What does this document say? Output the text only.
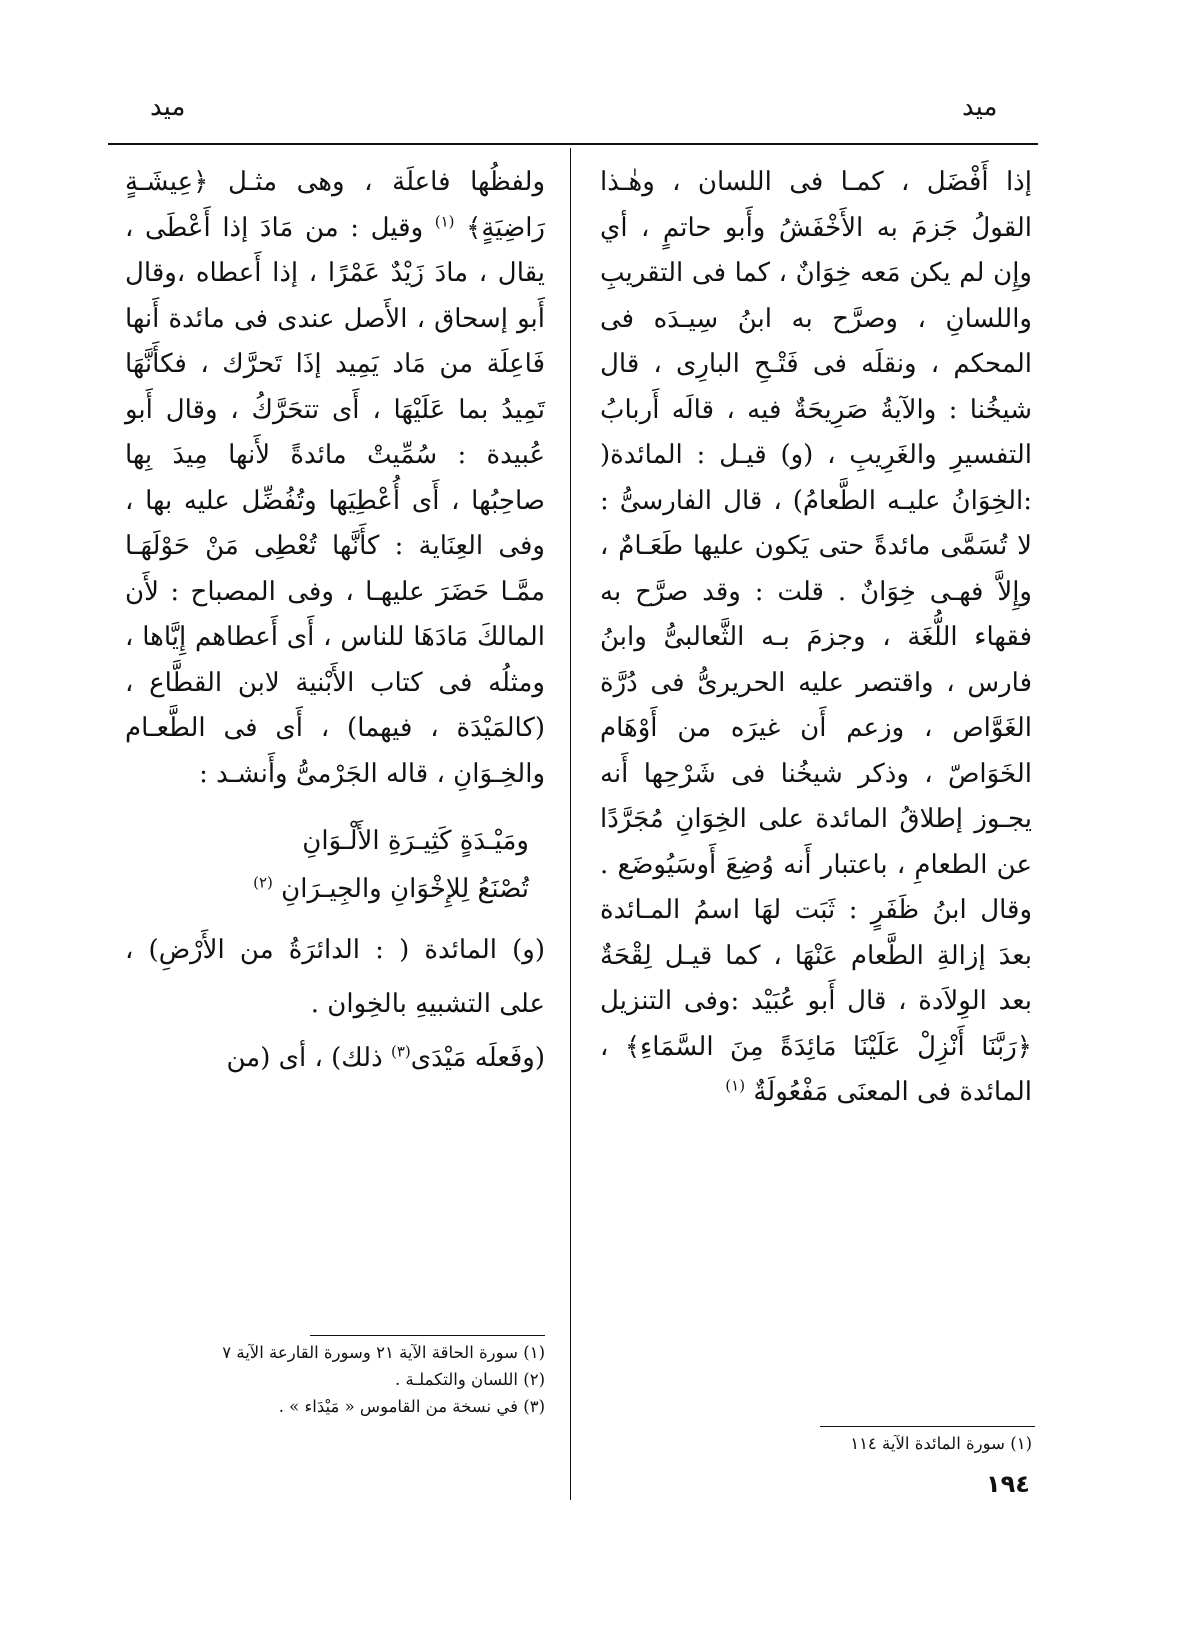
ميد
ميد

إذا أَفْضَل ، كمـا فى اللسان ، وهٰـذا القولُ جَزمَ به الأَخْفَشُ وأَبو حاتمٍ ، أي وإِن لم يكن مَعه خِوَانٌ ، كما فى التقريبِ واللسانِ ، وصرَّح به ابنُ سِيـدَه فى المحكم ، ونقلَه فى فَتْـحِ البارِى ، قال شيخُنا : والآيةُ صَرِيحَةٌ فيه ، قالَه أَربابُ التفسيرِ والغَرِيبِ ، (و) قيـل : المائدة( :الخِوَانُ عليـه الطَّعامُ) ، قال الفارسىُّ : لا تُسَمَّى مائدةً حتى يَكون عليها طَعَـامٌ ، وإِلاَّ فهـى خِوَانٌ . قلت : وقد صرَّح به فقهاء اللُّغَة ، وجزمَ بـه الثَّعالبىُّ وابنُ فارس ، واقتصر عليه الحريرىُّ فى دُرَّة الغَوَّاص ، وزعم أَن غيرَه من أَوْهَام الخَوَاصّ ، وذكر شيخُنا فى شَرْحِها أَنه يجـوز إطلاقُ المائدة على الخِوَانِ مُجَرَّدًا عن الطعامِ ، باعتبار أَنه وُضِعَ أَوسَيُوضَع . وقال ابنُ ظَفَرٍ : ثَبَت لهَا اسمُ المـائدة بعدَ إزالةِ الطَّعام عَنْهَا ، كما قيـل لِقْحَةٌ بعد الوِلاَدة ، قال أَبو عُبَيْد :وفى التنزيل ﴿رَبَّنَا أَنْزِلْ عَلَيْنَا مَائِدَةً مِنَ السَّمَاءِ﴾ ، المائدة فى المعنَى مَفْعُولَةٌ $^{(١)}$

ولفظُها فاعلَة ، وهى مثـل ﴿عِيشَـةٍ رَاضِيَةٍ﴾ $^{(١)}$ وقيل : من مَادَ إذا أَعْطَى ، يقال ، مادَ زَيْدٌ عَمْرًا ، إذا أَعطاه ،وقال أَبو إسحاق ، الأَصل عندى فى مائدة أَنها فَاعِلَة من مَاد يَمِيد إذَا تَحرَّك ، فكأَنَّهَا تَمِيدُ بما عَلَيْهَا ، أَى تتحَرَّكُ ، وقال أَبو عُبيدة : سُمِّيتْ مائدةً لأَنها مِيدَ بِها صاحِبُها ، أَى أُعْطِيَها وتُفُضِّل عليه بها ، وفى العِنَاية : كأَنَّها تُعْطِى مَنْ حَوْلَهَـا ممَّـا حَضَرَ عليهـا ، وفى المصباح : لأَن المالكَ مَادَهَا للناس ، أَى أَعطاهم إِيَّاها ، ومثلُه فى كتاب الأَبْنية لابن القطَّاع ، (كالمَيْدَة ، فيهما) ، أَى فى الطَّعـام والخِـوَانِ ، قاله الجَرْمىُّ وأَنشـد :

ومَيْـدَةٍ كَثِيـرَةِ الأَلْـوَانِ
تُصْنَعُ لِلإِخْوَانِ والجِيـرَانِ $^{(٢)}$

(و) المائدة ( : الدائرَةُ من الأَرْضِ) ، على التشبيهِ بالخِوان .

(وفَعلَه مَيْدَى$^{(٣)}$ ذلك) ، أى (من

(١) سورة المائدة الآية ١١٤
(١) سورة الحاقة الآية ٢١ وسورة القارعة الآية ٧
(٢) اللسان والتكملـة .
(٣) في نسخة من القاموس « مَيْدَاء » .
١٩٤
